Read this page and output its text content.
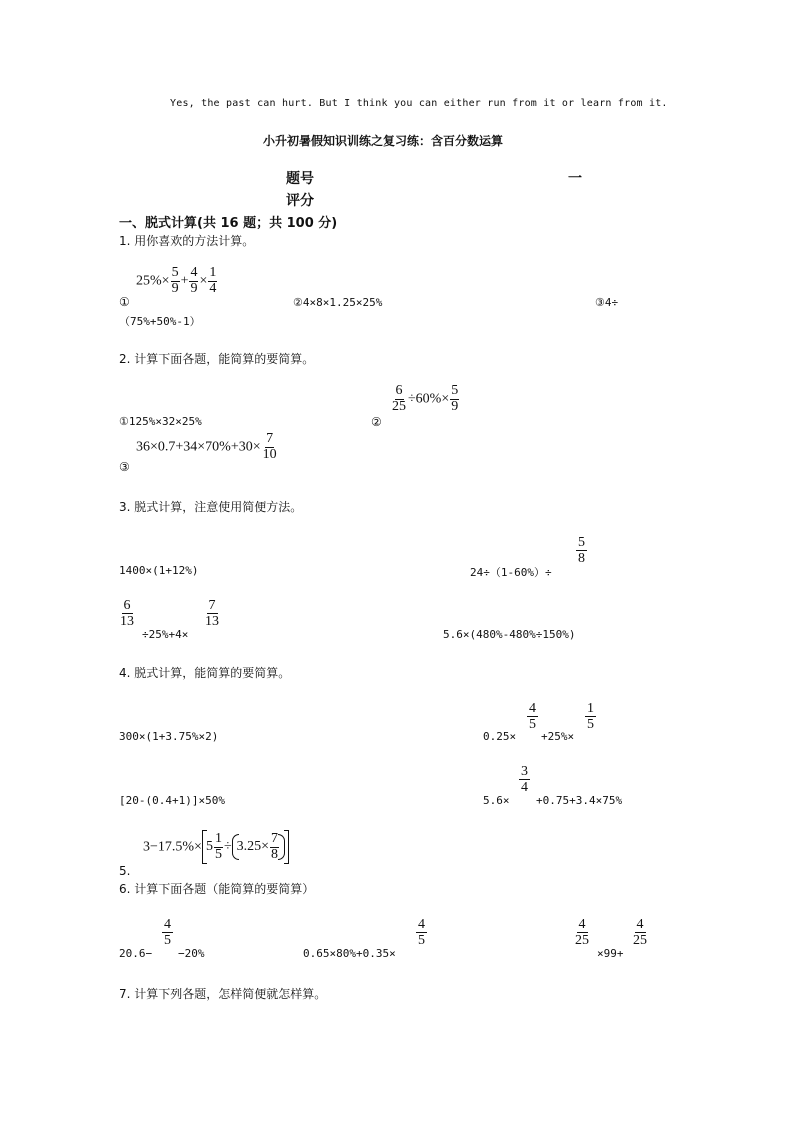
Yes, the past can hurt. But I think you can either run from it or learn from it.
小升初暑假知识训练之复习练：含百分数运算
题号	一
评分
一、脱式计算(共 16 题；共 100 分)
1. 用你喜欢的方法计算。
$25\%\times \frac{5}{9} + \frac{4}{9} \times \frac{1}{4}$
①	②4×8×1.25×25%	③4÷
（75%+50%-1）
2. 计算下面各题，能简算的要简算。
$\frac{6}{25} \div 60\%\times \frac{5}{9}$
①125%×32×25%	②
$36\times 0.7+34\times 70\%+30\times \frac{7}{10}$
③
3. 脱式计算，注意使用简便方法。
$\frac{5}{8}$
1400×(1+12%)	24÷（1-60%）÷
$\frac{6}{13}$	$\frac{7}{13}$
÷25%+4×	5.6×(480%-480%÷150%)
4. 脱式计算，能简算的要简算。
$\frac{4}{5}$	$\frac{1}{5}$
300×(1+3.75%×2)	0.25× +25%×
$\frac{3}{4}$
[20-(0.4+1)]×50%	5.6× +0.75+3.4×75%
$3-17.5\%\times 5 \frac{1}{5} \div 3.25\times \frac{7}{8}$
5.
6. 计算下面各题（能简算的要简算）
$\frac{4}{5}$	$\frac{4}{5}$	$\frac{4}{25}$	$\frac{4}{25}$
20.6− −20%	0.65×80%+0.35×	×99+
7. 计算下列各题，怎样简便就怎样算。
